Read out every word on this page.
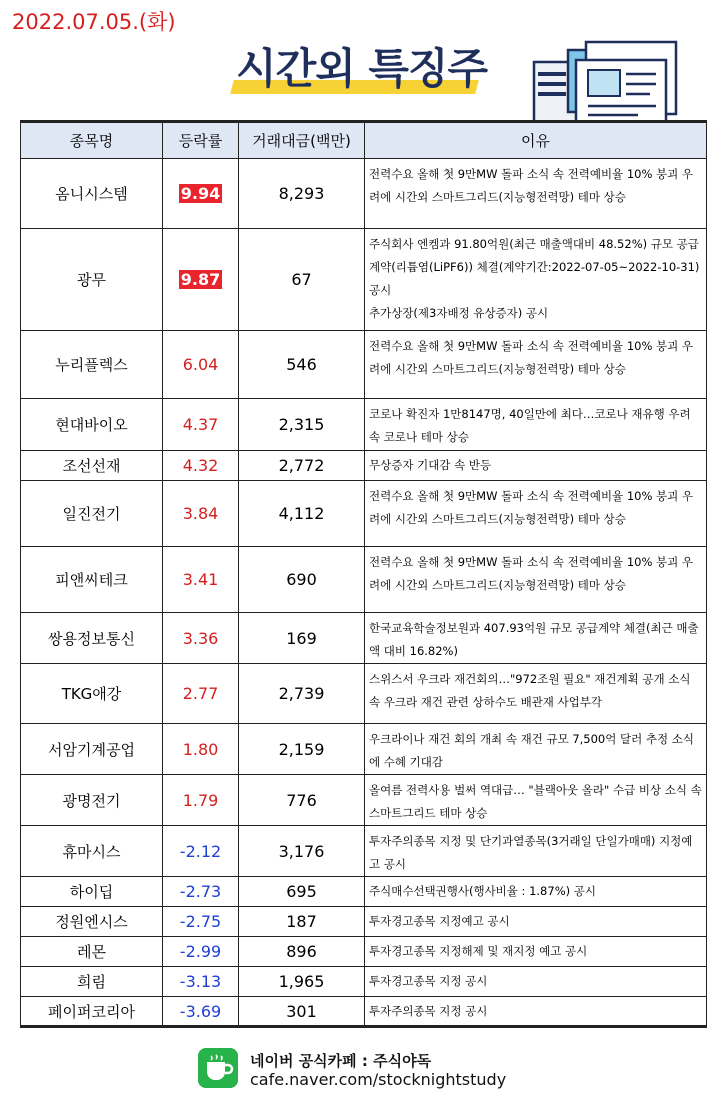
2022.07.05.(화)
시간외 특징주
종목명	등락률	거래대금(백만)	이유
옴니시스템	9.94	8,293	전력수요 올해 첫 9만MW 돌파 소식 속 전력예비율 10% 붕괴 우려에 시간외 스마트그리드(지능형전력망) 테마 상승
광무	9.87	67	주식회사 엔켐과 91.80억원(최근 매출액대비 48.52%) 규모 공급계약(리튬염(LiPF6)) 체결(계약기간:2022-07-05~2022-10-31) 공시
추가상장(제3자배정 유상증자) 공시
누리플렉스	6.04	546	전력수요 올해 첫 9만MW 돌파 소식 속 전력예비율 10% 붕괴 우려에 시간외 스마트그리드(지능형전력망) 테마 상승
현대바이오	4.37	2,315	코로나 확진자 1만8147명, 40일만에 최다…코로나 재유행 우려 속 코로나 테마 상승
조선선재	4.32	2,772	무상증자 기대감 속 반등
일진전기	3.84	4,112	전력수요 올해 첫 9만MW 돌파 소식 속 전력예비율 10% 붕괴 우려에 시간외 스마트그리드(지능형전력망) 테마 상승
피앤씨테크	3.41	690	전력수요 올해 첫 9만MW 돌파 소식 속 전력예비율 10% 붕괴 우려에 시간외 스마트그리드(지능형전력망) 테마 상승
쌍용정보통신	3.36	169	한국교육학술정보원과 407.93억원 규모 공급계약 체결(최근 매출액 대비 16.82%)
TKG애강	2.77	2,739	스위스서 우크라 재건회의…"972조원 필요" 재건계획 공개 소식 속 우크라 재건 관련 상하수도 배관재 사업부각
서암기계공업	1.80	2,159	우크라이나 재건 회의 개최 속 재건 규모 7,500억 달러 추정 소식에 수혜 기대감
광명전기	1.79	776	올여름 전력사용 벌써 역대급… "블랙아웃 올라" 수급 비상 소식 속 스마트그리드 테마 상승
휴마시스	-2.12	3,176	투자주의종목 지정 및 단기과열종목(3거래일 단일가매매) 지정예고 공시
하이딥	-2.73	695	주식매수선택권행사(행사비율 : 1.87%) 공시
정원엔시스	-2.75	187	투자경고종목 지정예고 공시
레몬	-2.99	896	투자경고종목 지정해제 및 재지정 예고 공시
희림	-3.13	1,965	투자경고종목 지정 공시
페이퍼코리아	-3.69	301	투자주의종목 지정 공시
네이버 공식카페 : 주식야독
cafe.naver.com/stocknightstudy
